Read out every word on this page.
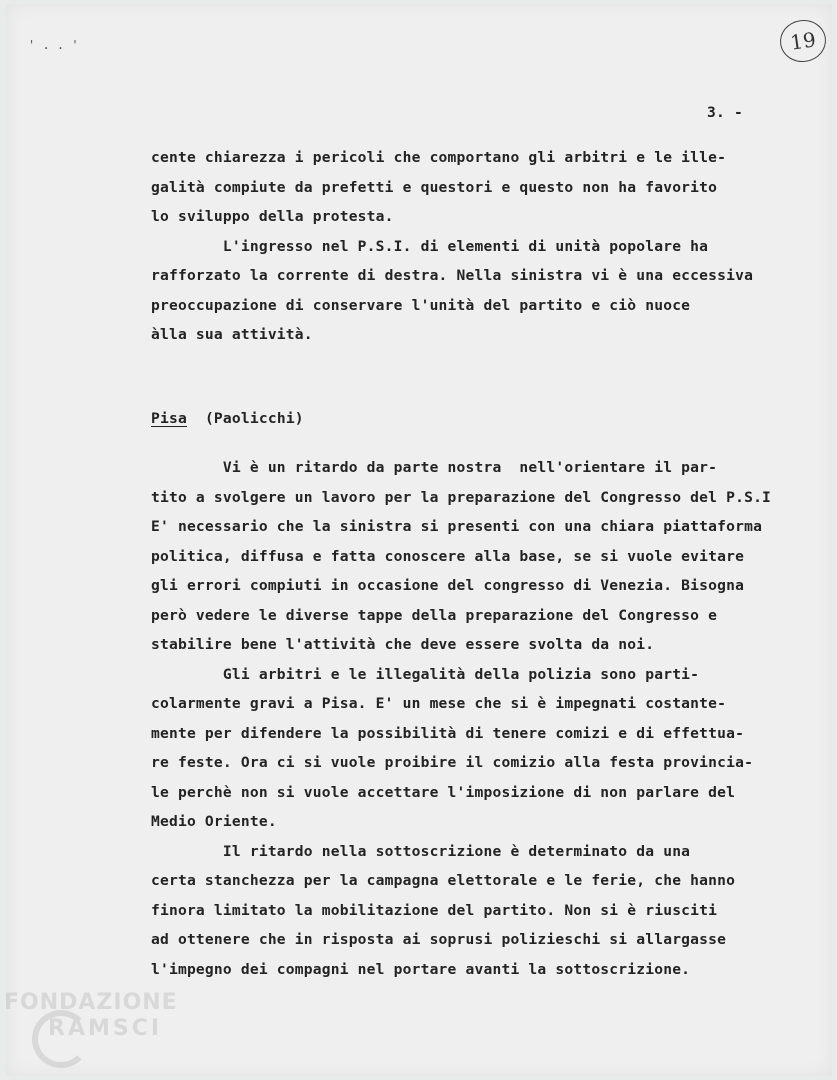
' . . '	19
3. -
cente chiarezza i pericoli che comportano gli arbitri e le ille-
galità compiute da prefetti e questori e questo non ha favorito
lo sviluppo della protesta.
L'ingresso nel P.S.I. di elementi di unità popolare ha
rafforzato la corrente di destra. Nella sinistra vi è una eccessiva
preoccupazione di conservare l'unità del partito e ciò nuoce
àlla sua attività.
Pisa (Paolicchi)
Vi è un ritardo da parte nostra  nell'orientare il par-
tito a svolgere un lavoro per la preparazione del Congresso del P.S.I
E' necessario che la sinistra si presenti con una chiara piattaforma
politica, diffusa e fatta conoscere alla base, se si vuole evitare
gli errori compiuti in occasione del congresso di Venezia. Bisogna
però vedere le diverse tappe della preparazione del Congresso e
stabilire bene l'attività che deve essere svolta da noi.
Gli arbitri e le illegalità della polizia sono parti-
colarmente gravi a Pisa. E' un mese che si è impegnati costante-
mente per difendere la possibilità di tenere comizi e di effettua-
re feste. Ora ci si vuole proibire il comizio alla festa provincia-
le perchè non si vuole accettare l'imposizione di non parlare del
Medio Oriente.
Il ritardo nella sottoscrizione è determinato da una
certa stanchezza per la campagna elettorale e le ferie, che hanno
finora limitato la mobilitazione del partito. Non si è riusciti
ad ottenere che in risposta ai soprusi polizieschi si allargasse
l'impegno dei compagni nel portare avanti la sottoscrizione.

FONDAZIONE
RAMSCI
